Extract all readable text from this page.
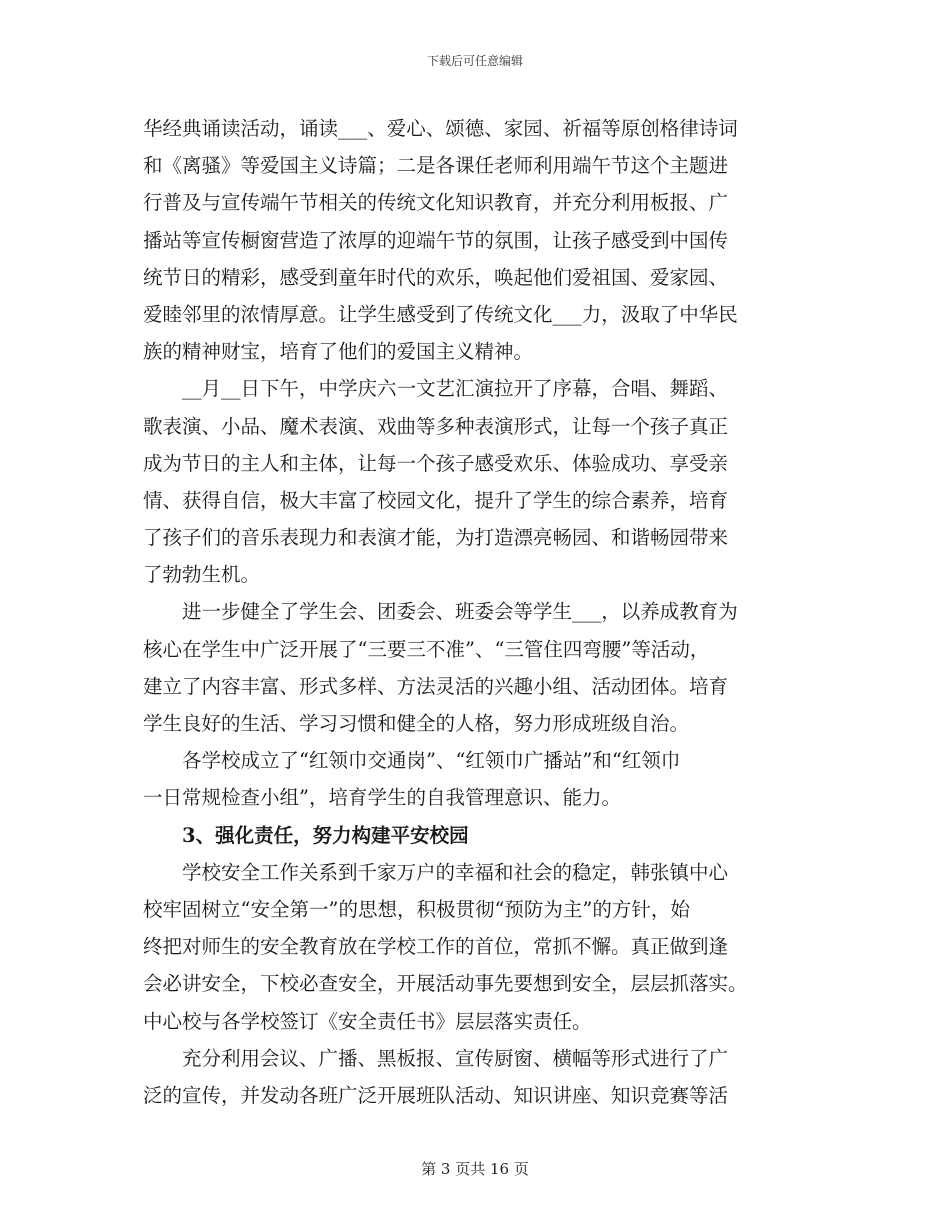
下载后可任意编辑
华经典诵读活动，诵读___、爱心、颂德、家园、祈福等原创格律诗词
和《离骚》等爱国主义诗篇；二是各课任老师利用端午节这个主题进
行普及与宣传端午节相关的传统文化知识教育，并充分利用板报、广
播站等宣传橱窗营造了浓厚的迎端午节的氛围，让孩子感受到中国传
统节日的精彩，感受到童年时代的欢乐，唤起他们爱祖国、爱家园、
爱睦邻里的浓情厚意。让学生感受到了传统文化___力，汲取了中华民
族的精神财宝，培育了他们的爱国主义精神。
__月__日下午，中学庆六一文艺汇演拉开了序幕，合唱、舞蹈、
歌表演、小品、魔术表演、戏曲等多种表演形式，让每一个孩子真正
成为节日的主人和主体，让每一个孩子感受欢乐、体验成功、享受亲
情、获得自信，极大丰富了校园文化，提升了学生的综合素养，培育
了孩子们的音乐表现力和表演才能，为打造漂亮畅园、和谐畅园带来
了勃勃生机。
进一步健全了学生会、团委会、班委会等学生___，以养成教育为
核心在学生中广泛开展了“三要三不准”、“三管住四弯腰”等活动，
建立了内容丰富、形式多样、方法灵活的兴趣小组、活动团体。培育
学生良好的生活、学习习惯和健全的人格，努力形成班级自治。
各学校成立了“红领巾交通岗”、“红领巾广播站”和“红领巾
一日常规检查小组”，培育学生的自我管理意识、能力。
3、强化责任，努力构建平安校园
学校安全工作关系到千家万户的幸福和社会的稳定，韩张镇中心
校牢固树立“安全第一”的思想，积极贯彻“预防为主”的方针，始
终把对师生的安全教育放在学校工作的首位，常抓不懈。真正做到逢
会必讲安全，下校必查安全，开展活动事先要想到安全，层层抓落实。
中心校与各学校签订《安全责任书》层层落实责任。
充分利用会议、广播、黑板报、宣传厨窗、横幅等形式进行了广
泛的宣传，并发动各班广泛开展班队活动、知识讲座、知识竞赛等活
第 3 页共 16 页
